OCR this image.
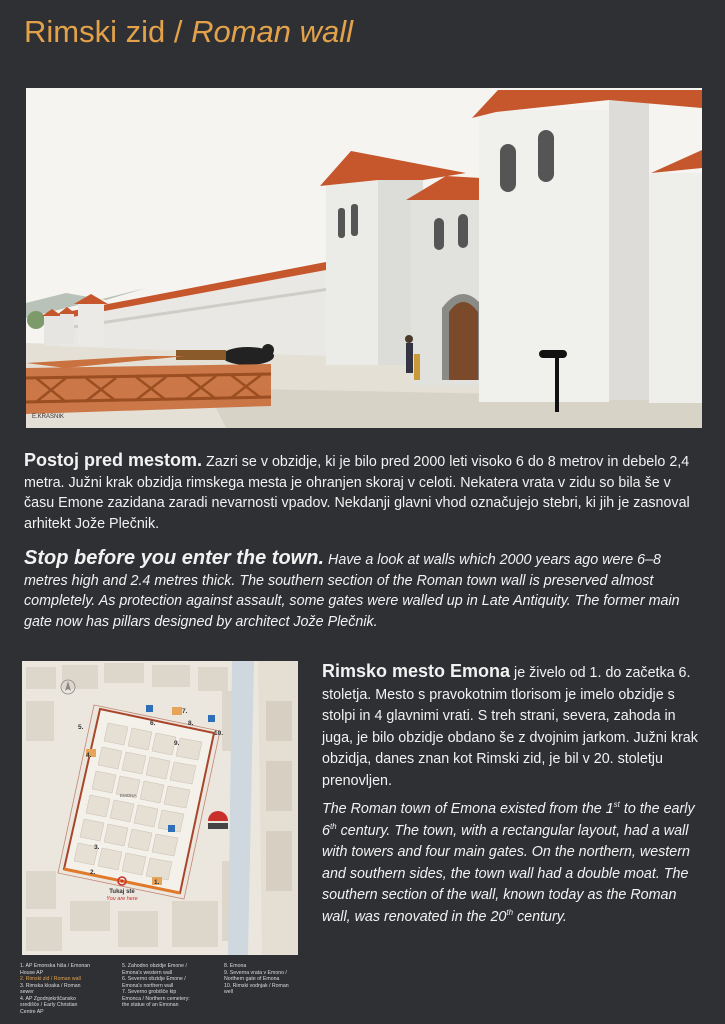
Rimski zid / Roman wall
E.KRASNIK
Postoj pred mestom. Zazri se v obzidje, ki je bilo pred 2000 leti visoko 6 do 8 metrov in debelo 2,4 metra. Južni krak obzidja rimskega mesta je ohranjen skoraj v celoti. Nekatera vrata v zidu so bila še v času Emone zazidana zaradi nevarnosti vpadov. Nekdanji glavni vhod označujejo stebri, ki jih je zasnoval arhitekt Jože Plečnik.
Stop before you enter the town. Have a look at walls which 2000 years ago were 6–8 metres high and 2.4 metres thick. The southern section of the Roman town wall is preserved almost completely. As protection against assault, some gates were walled up in Late Antiquity. The former main gate now has pillars designed by architect Jože Plečnik.
Tukaj ste
You are here
EMONA
1.
2.
3.
4.
5.
6.
7.
8.
9.
10.
1. AP Emonska hiša / Emonan House AP
2. Rimski zid / Roman wall
3. Rimska kloaka / Roman sewer
4. AP Zgodnjekrščansko središče / Early Christian Centre AP
5. Zahodno obzidje Emone / Emona's western wall
6. Severno obzidje Emone / Emona's northern wall
7. Severno grobišče kip Emonca / Northern cemetery: the statue of an Emonan
8. Emona
9. Severna vrata v Emono / Northern gate of Emona
10. Rimski vodnjak / Roman well
Rimsko mesto Emona je živelo od 1. do začetka 6. stoletja. Mesto s pravokotnim tlorisom je imelo obzidje s stolpi in 4 glavnimi vrati. S treh strani, severa, zahoda in juga, je bilo obzidje obdano še z dvojnim jarkom. Južni krak obzidja, danes znan kot Rimski zid, je bil v 20. stoletju prenovljen.
The Roman town of Emona existed from the 1st to the early 6th century. The town, with a rectangular layout, had a wall with towers and four main gates. On the northern, western and southern sides, the town wall had a double moat. The southern section of the wall, known today as the Roman wall, was renovated in the 20th century.
